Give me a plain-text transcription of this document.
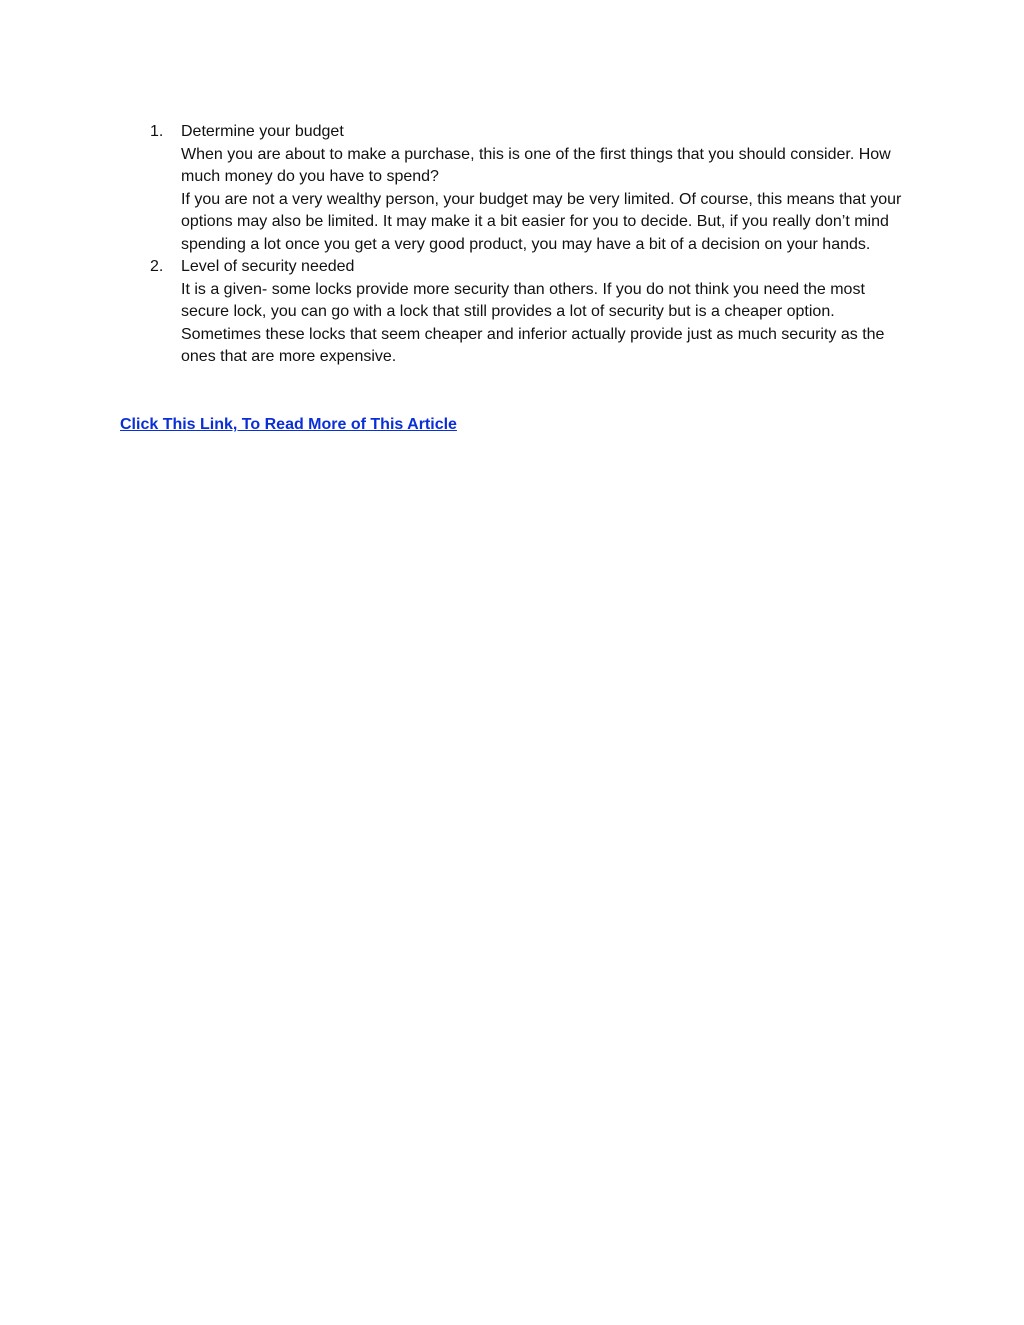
1. Determine your budget
When you are about to make a purchase, this is one of the first things that you should consider. How much money do you have to spend?
If you are not a very wealthy person, your budget may be very limited. Of course, this means that your options may also be limited. It may make it a bit easier for you to decide. But, if you really don’t mind spending a lot once you get a very good product, you may have a bit of a decision on your hands.
2. Level of security needed
It is a given- some locks provide more security than others. If you do not think you need the most secure lock, you can go with a lock that still provides a lot of security but is a cheaper option. Sometimes these locks that seem cheaper and inferior actually provide just as much security as the ones that are more expensive.
Click This Link, To Read More of This Article
